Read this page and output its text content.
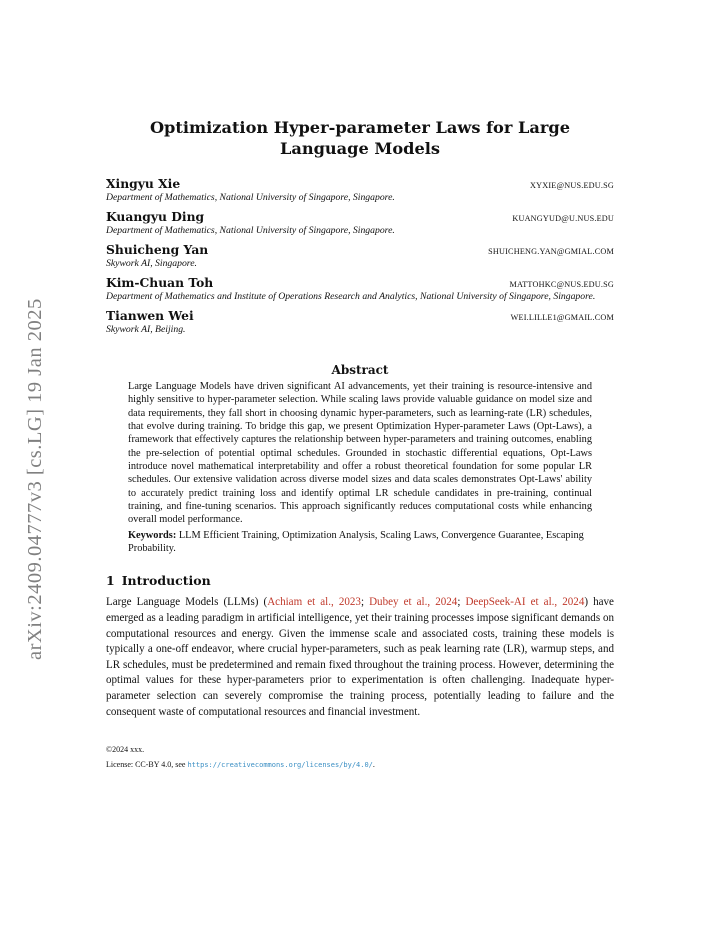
arXiv:2409.04777v3 [cs.LG] 19 Jan 2025
Optimization Hyper-parameter Laws for Large Language Models
Xingyu Xie	XYXIE@NUS.EDU.SG
Department of Mathematics, National University of Singapore, Singapore.
Kuangyu Ding	KUANGYUD@U.NUS.EDU
Department of Mathematics, National University of Singapore, Singapore.
Shuicheng Yan	SHUICHENG.YAN@GMIAL.COM
Skywork AI, Singapore.
Kim-Chuan Toh	MATTOHKC@NUS.EDU.SG
Department of Mathematics and Institute of Operations Research and Analytics, National University of Singapore, Singapore.
Tianwen Wei	WEI.LILLE1@GMAIL.COM
Skywork AI, Beijing.
Abstract
Large Language Models have driven significant AI advancements, yet their training is resource-intensive and highly sensitive to hyper-parameter selection. While scaling laws provide valuable guidance on model size and data requirements, they fall short in choosing dynamic hyper-parameters, such as learning-rate (LR) schedules, that evolve during training. To bridge this gap, we present Optimization Hyper-parameter Laws (Opt-Laws), a framework that effectively captures the relationship between hyper-parameters and training outcomes, enabling the pre-selection of potential optimal schedules. Grounded in stochastic differential equations, Opt-Laws introduce novel mathematical interpretability and offer a robust theoretical foundation for some popular LR schedules. Our extensive validation across diverse model sizes and data scales demonstrates Opt-Laws' ability to accurately predict training loss and identify optimal LR schedule candidates in pre-training, continual training, and fine-tuning scenarios. This approach significantly reduces computational costs while enhancing overall model performance.
Keywords: LLM Efficient Training, Optimization Analysis, Scaling Laws, Convergence Guarantee, Escaping Probability.
1 Introduction
Large Language Models (LLMs) (Achiam et al., 2023; Dubey et al., 2024; DeepSeek-AI et al., 2024) have emerged as a leading paradigm in artificial intelligence, yet their training processes impose significant demands on computational resources and energy. Given the immense scale and associated costs, training these models is typically a one-off endeavor, where crucial hyper-parameters, such as peak learning rate (LR), warmup steps, and LR schedules, must be predetermined and remain fixed throughout the training process. However, determining the optimal values for these hyper-parameters prior to experimentation is often challenging. Inadequate hyper-parameter selection can severely compromise the training process, potentially leading to failure and the consequent waste of computational resources and financial investment.
©2024 xxx.
License: CC-BY 4.0, see https://creativecommons.org/licenses/by/4.0/.
